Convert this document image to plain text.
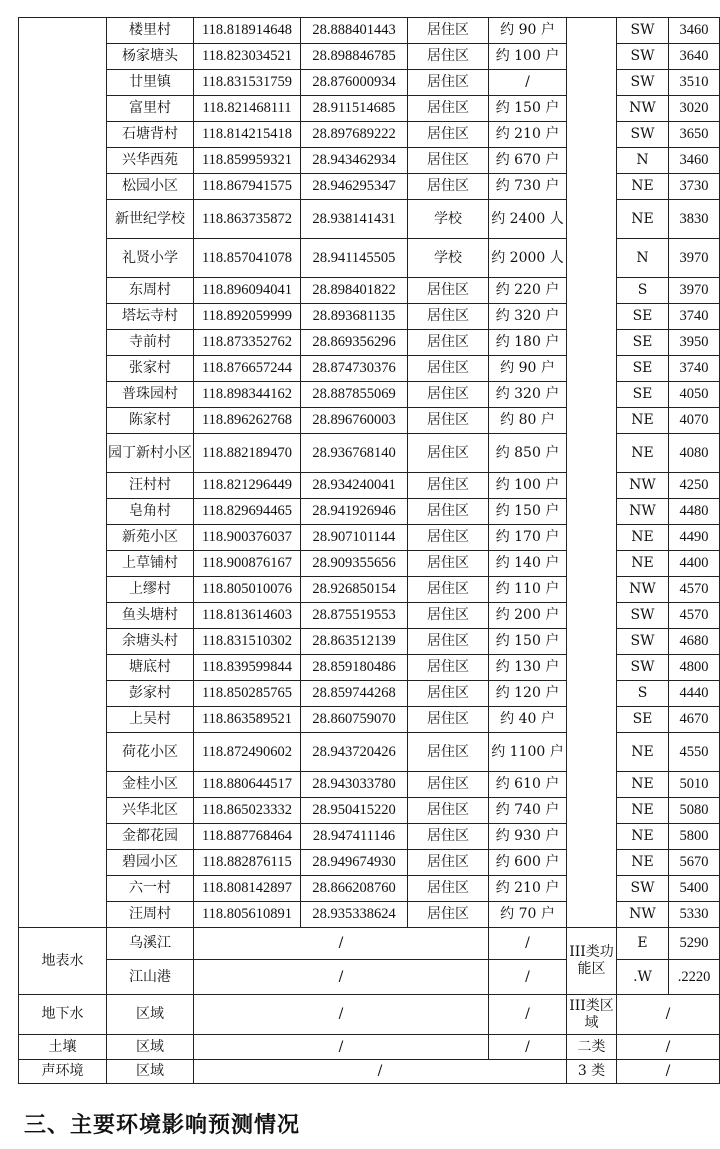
	楼里村	118.818914648	28.888401443	居住区	约 90 户		SW	3460
	杨家塘头	118.823034521	28.898846785	居住区	约 100 户		SW	3640
	廿里镇	118.831531759	28.876000934	居住区	/		SW	3510
	富里村	118.821468111	28.911514685	居住区	约 150 户		NW	3020
	石塘背村	118.814215418	28.897689222	居住区	约 210 户		SW	3650
	兴华西苑	118.859959321	28.943462934	居住区	约 670 户		N	3460
	松园小区	118.867941575	28.946295347	居住区	约 730 户		NE	3730
	新世纪学校	118.863735872	28.938141431	学校	约 2400 人		NE	3830
	礼贤小学	118.857041078	28.941145505	学校	约 2000 人		N	3970
	东周村	118.896094041	28.898401822	居住区	约 220 户		S	3970
	塔坛寺村	118.892059999	28.893681135	居住区	约 320 户		SE	3740
	寺前村	118.873352762	28.869356296	居住区	约 180 户		SE	3950
	张家村	118.876657244	28.874730376	居住区	约 90 户		SE	3740
	普珠园村	118.898344162	28.887855069	居住区	约 320 户		SE	4050
	陈家村	118.896262768	28.896760003	居住区	约 80 户		NE	4070
	园丁新村小区	118.882189470	28.936768140	居住区	约 850 户		NE	4080
	汪村村	118.821296449	28.934240041	居住区	约 100 户		NW	4250
	皂角村	118.829694465	28.941926946	居住区	约 150 户		NW	4480
	新苑小区	118.900376037	28.907101144	居住区	约 170 户		NE	4490
	上草铺村	118.900876167	28.909355656	居住区	约 140 户		NE	4400
	上缪村	118.805010076	28.926850154	居住区	约 110 户		NW	4570
	鱼头塘村	118.813614603	28.875519553	居住区	约 200 户		SW	4570
	余塘头村	118.831510302	28.863512139	居住区	约 150 户		SW	4680
	塘底村	118.839599844	28.859180486	居住区	约 130 户		SW	4800
	彭家村	118.850285765	28.859744268	居住区	约 120 户		S	4440
	上吴村	118.863589521	28.860759070	居住区	约 40 户		SE	4670
	荷花小区	118.872490602	28.943720426	居住区	约 1100 户		NE	4550
	金桂小区	118.880644517	28.943033780	居住区	约 610 户		NE	5010
	兴华北区	118.865023332	28.950415220	居住区	约 740 户		NE	5080
	金都花园	118.887768464	28.947411146	居住区	约 930 户		NE	5800
	碧园小区	118.882876115	28.949674930	居住区	约 600 户		NE	5670
	六一村	118.808142897	28.866208760	居住区	约 210 户		SW	5400
	汪周村	118.805610891	28.935338624	居住区	约 70 户		NW	5330
地表水	乌溪江	/			/	III类功能区	E	5290
	江山港	/			/		.W	.2220
地下水	区域	/			/	III类区域	/	
土壤	区域	/			/	二类	/	
声环境	区域	/				3 类	/	
三、主要环境影响预测情况
